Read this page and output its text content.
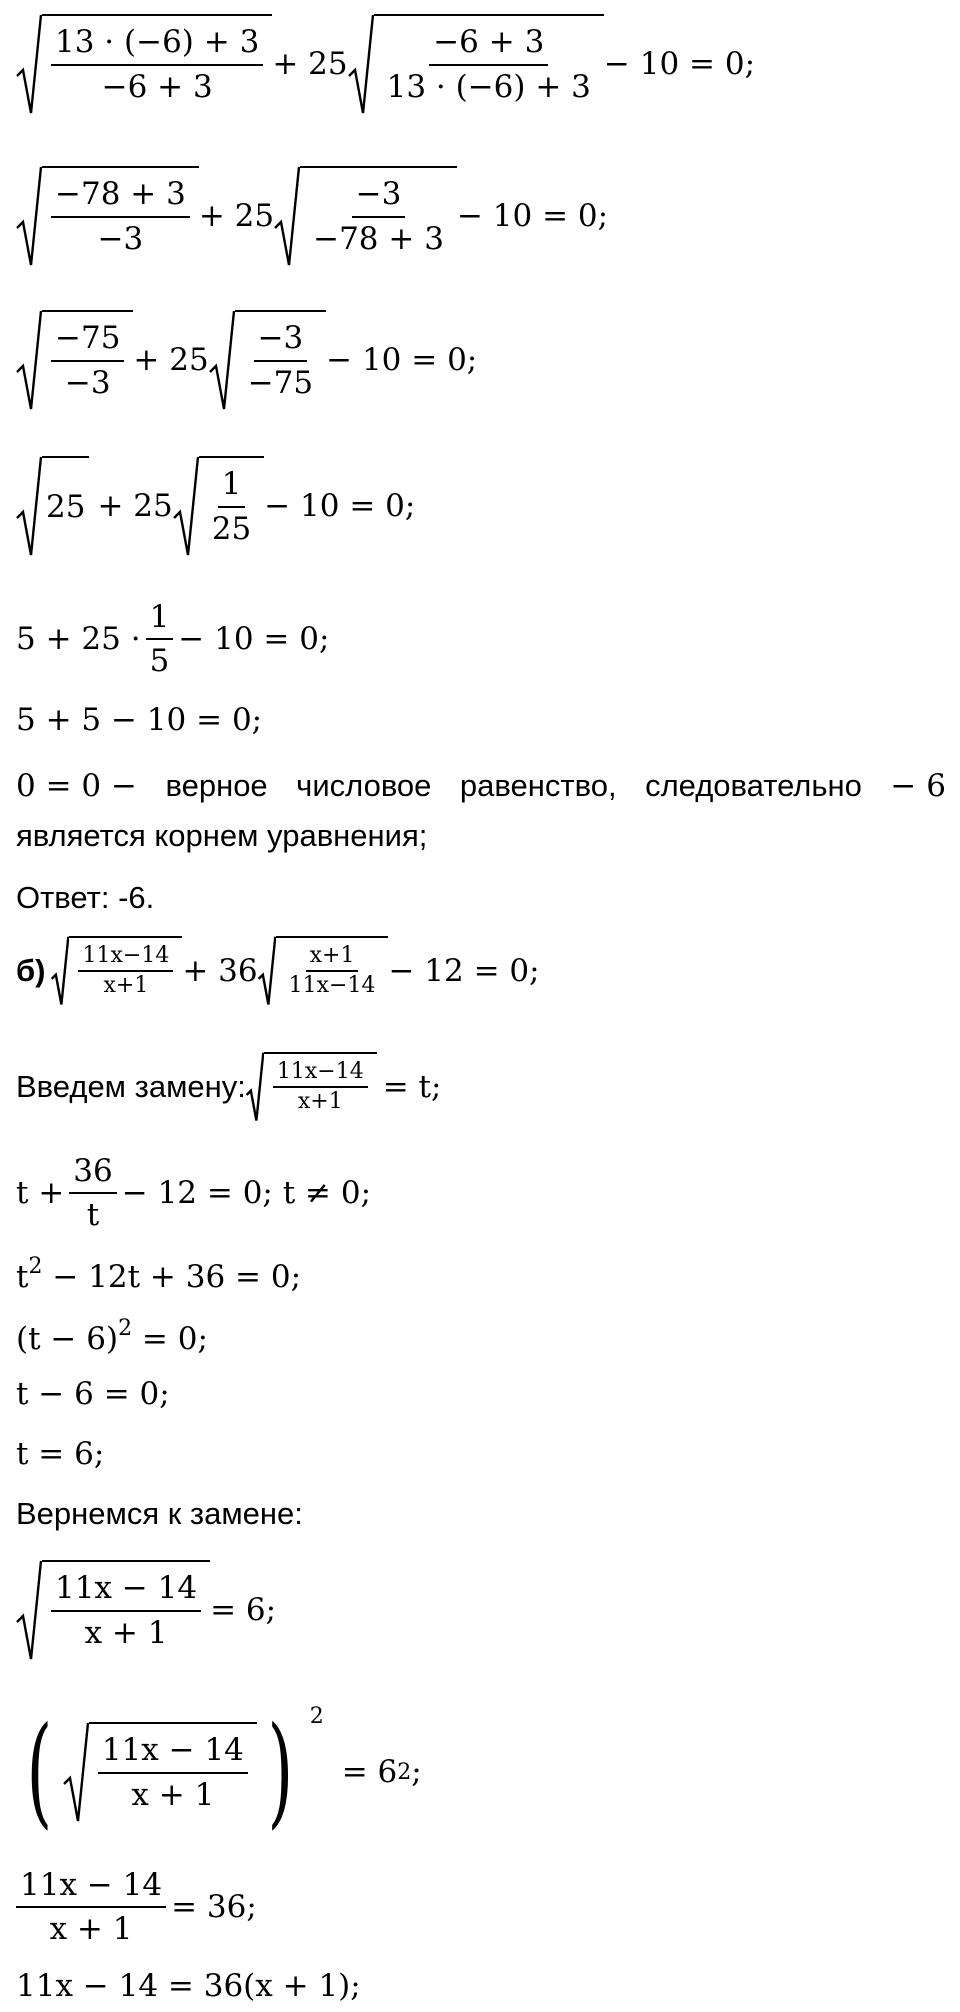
$\frac{13 \cdot (-6) + 3}{-6 + 3} + 25 \frac{-6 + 3}{13 \cdot (-6) + 3} - 10 = 0$;
$\frac{-78 + 3}{-3} + 25 \frac{-3}{-78 + 3} - 10 = 0$;
$\frac{-75}{-3} + 25 \frac{-3}{-75} - 10 = 0$;
$25 + 25 \frac{1}{25} - 10 = 0$;
$5 + 25 \cdot \frac{1}{5} - 10 = 0$;
5 + 5 − 10 = 0;
0 = 0 − верное числовое равенство, следовательно − 6
является корнем уравнения;
Ответ: -6.
$б) \frac{11x-14}{x+1} + 36 \frac{x+1}{11x-14} - 12 = 0$;
Введем замену: $\frac{11x-14}{x+1} = t$;
$t + \frac{36}{t} - 12 = 0$; t ≠ 0;
$t^2 - 12t + 36 = 0$;
$(t - 6)^2 = 0$;
t − 6 = 0;
t = 6;
Вернемся к замене:
$\frac{11x - 14}{x + 1} = 6$;
( $\frac{11x - 14}{x + 1}$ ) 2
= 6 2 ;
$\frac{11x - 14}{x + 1} = 36$;
11x − 14 = 36(x + 1);
